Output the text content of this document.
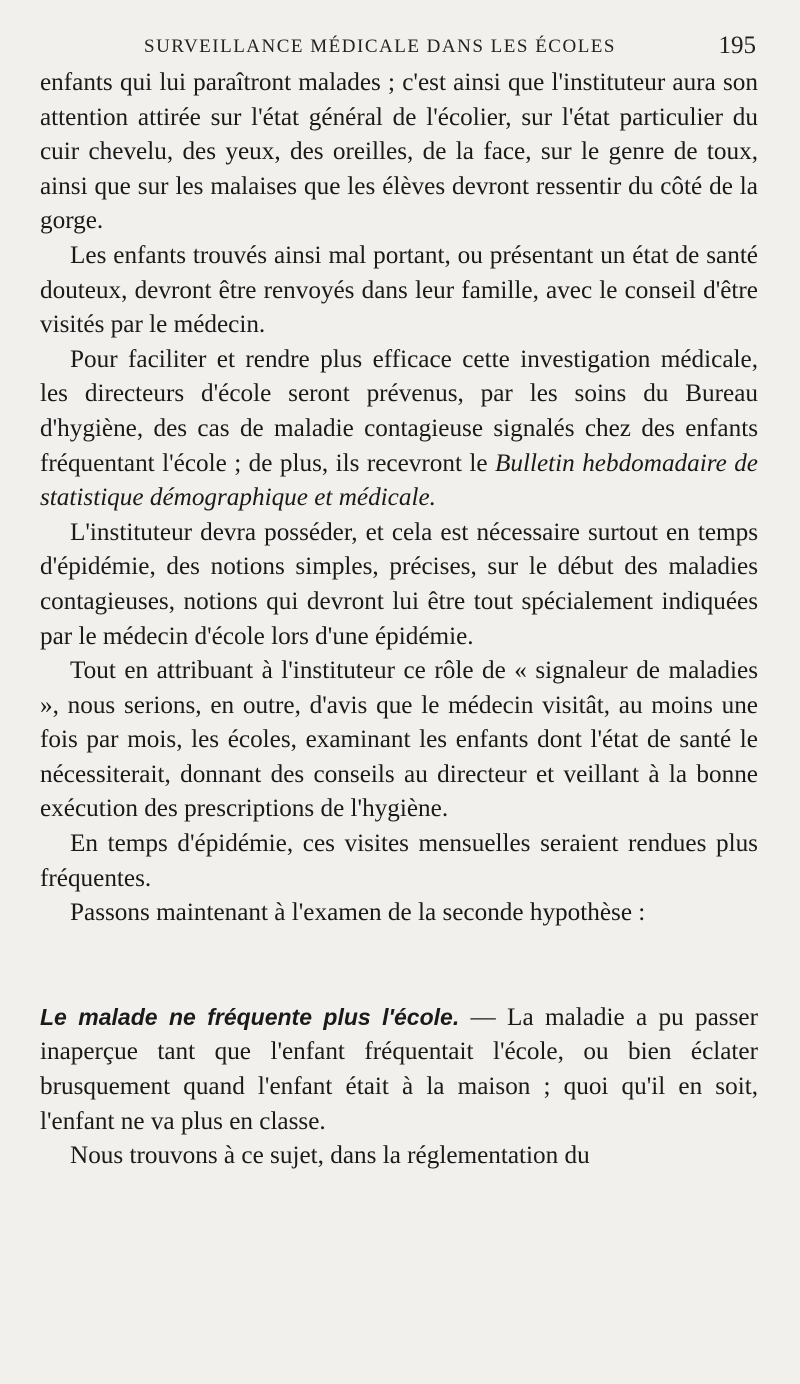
SURVEILLANCE MÉDICALE DANS LES ÉCOLES	195

enfants qui lui paraîtront malades ; c'est ainsi que l'instituteur aura son attention attirée sur l'état général de l'écolier, sur l'état particulier du cuir chevelu, des yeux, des oreilles, de la face, sur le genre de toux, ainsi que sur les malaises que les élèves devront ressentir du côté de la gorge.

Les enfants trouvés ainsi mal portant, ou présentant un état de santé douteux, devront être renvoyés dans leur famille, avec le conseil d'être visités par le médecin.

Pour faciliter et rendre plus efficace cette investigation médicale, les directeurs d'école seront prévenus, par les soins du Bureau d'hygiène, des cas de maladie contagieuse signalés chez des enfants fréquentant l'école ; de plus, ils recevront le Bulletin hebdomadaire de statistique démographique et médicale.

L'instituteur devra posséder, et cela est nécessaire surtout en temps d'épidémie, des notions simples, précises, sur le début des maladies contagieuses, notions qui devront lui être tout spécialement indiquées par le médecin d'école lors d'une épidémie.

Tout en attribuant à l'instituteur ce rôle de « signaleur de maladies », nous serions, en outre, d'avis que le médecin visitât, au moins une fois par mois, les écoles, examinant les enfants dont l'état de santé le nécessiterait, donnant des conseils au directeur et veillant à la bonne exécution des prescriptions de l'hygiène.

En temps d'épidémie, ces visites mensuelles seraient rendues plus fréquentes.

Passons maintenant à l'examen de la seconde hypothèse :

Le malade ne fréquente plus l'école. — La maladie a pu passer inaperçue tant que l'enfant fréquentait l'école, ou bien éclater brusquement quand l'enfant était à la maison ; quoi qu'il en soit, l'enfant ne va plus en classe.

Nous trouvons à ce sujet, dans la réglementation du
